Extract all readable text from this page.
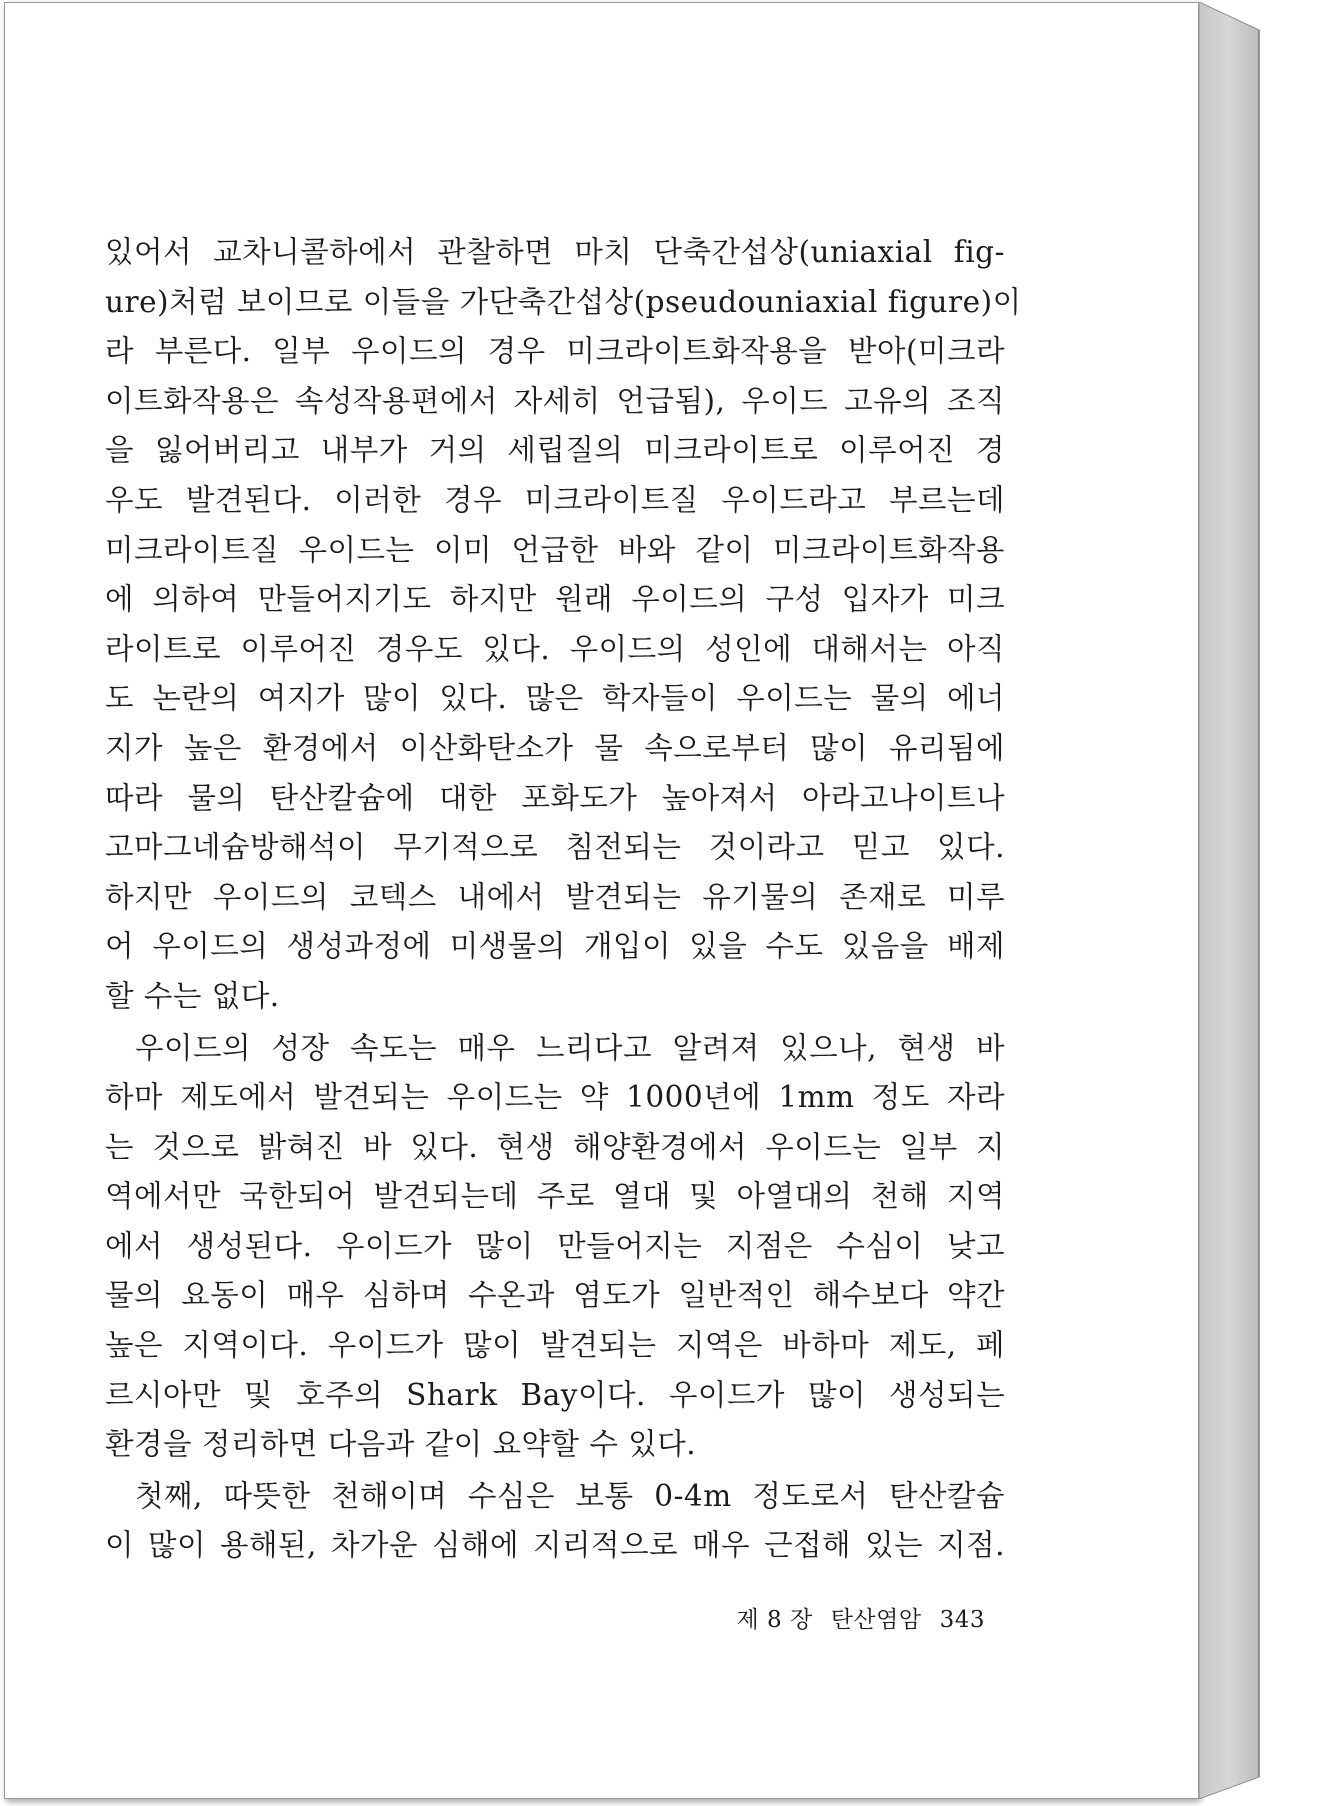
있어서 교차니콜하에서 관찰하면 마치 단축간섭상(uniaxial fig-
ure)처럼 보이므로 이들을 가단축간섭상(pseudouniaxial figure)이
라 부른다. 일부 우이드의 경우 미크라이트화작용을 받아(미크라
이트화작용은 속성작용편에서 자세히 언급됨), 우이드 고유의 조직
을 잃어버리고 내부가 거의 세립질의 미크라이트로 이루어진 경
우도 발견된다. 이러한 경우 미크라이트질 우이드라고 부르는데
미크라이트질 우이드는 이미 언급한 바와 같이 미크라이트화작용
에 의하여 만들어지기도 하지만 원래 우이드의 구성 입자가 미크
라이트로 이루어진 경우도 있다. 우이드의 성인에 대해서는 아직
도 논란의 여지가 많이 있다. 많은 학자들이 우이드는 물의 에너
지가 높은 환경에서 이산화탄소가 물 속으로부터 많이 유리됨에
따라 물의 탄산칼슘에 대한 포화도가 높아져서 아라고나이트나
고마그네슘방해석이 무기적으로 침전되는 것이라고 믿고 있다.
하지만 우이드의 코텍스 내에서 발견되는 유기물의 존재로 미루
어 우이드의 생성과정에 미생물의 개입이 있을 수도 있음을 배제
할 수는 없다.
우이드의 성장 속도는 매우 느리다고 알려져 있으나, 현생 바
하마 제도에서 발견되는 우이드는 약 1000년에 1mm 정도 자라
는 것으로 밝혀진 바 있다. 현생 해양환경에서 우이드는 일부 지
역에서만 국한되어 발견되는데 주로 열대 및 아열대의 천해 지역
에서 생성된다. 우이드가 많이 만들어지는 지점은 수심이 낮고
물의 요동이 매우 심하며 수온과 염도가 일반적인 해수보다 약간
높은 지역이다. 우이드가 많이 발견되는 지역은 바하마 제도, 페
르시아만 및 호주의 Shark Bay이다. 우이드가 많이 생성되는
환경을 정리하면 다음과 같이 요약할 수 있다.
첫째, 따뜻한 천해이며 수심은 보통 0-4m 정도로서 탄산칼슘
이 많이 용해된, 차가운 심해에 지리적으로 매우 근접해 있는 지점.
제 8 장 탄산염암 343
